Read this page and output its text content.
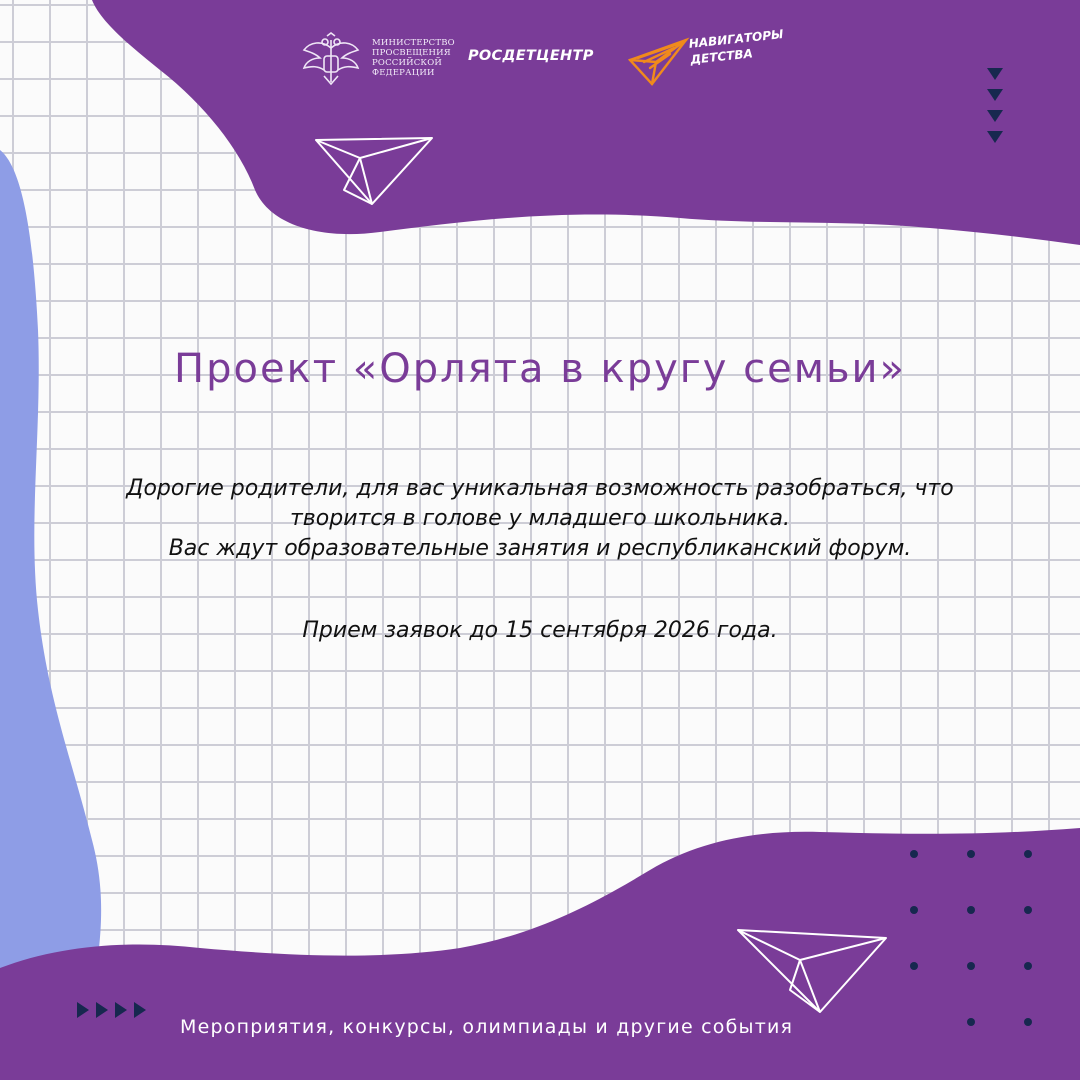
МИНИСТЕРСТВО
ПРОСВЕЩЕНИЯ
РОССИЙСКОЙ
ФЕДЕРАЦИИ
РОСДЕТЦЕНТР
НАВИГАТОРЫ
ДЕТСТВА
Проект «Орлята в кругу семьи»
Дорогие родители, для вас уникальная возможность разобраться, что
творится в голове у младшего школьника.
Вас ждут образовательные занятия и республиканский форум.
Прием заявок до 15 сентября 2026 года.
Мероприятия, конкурсы, олимпиады и другие события
